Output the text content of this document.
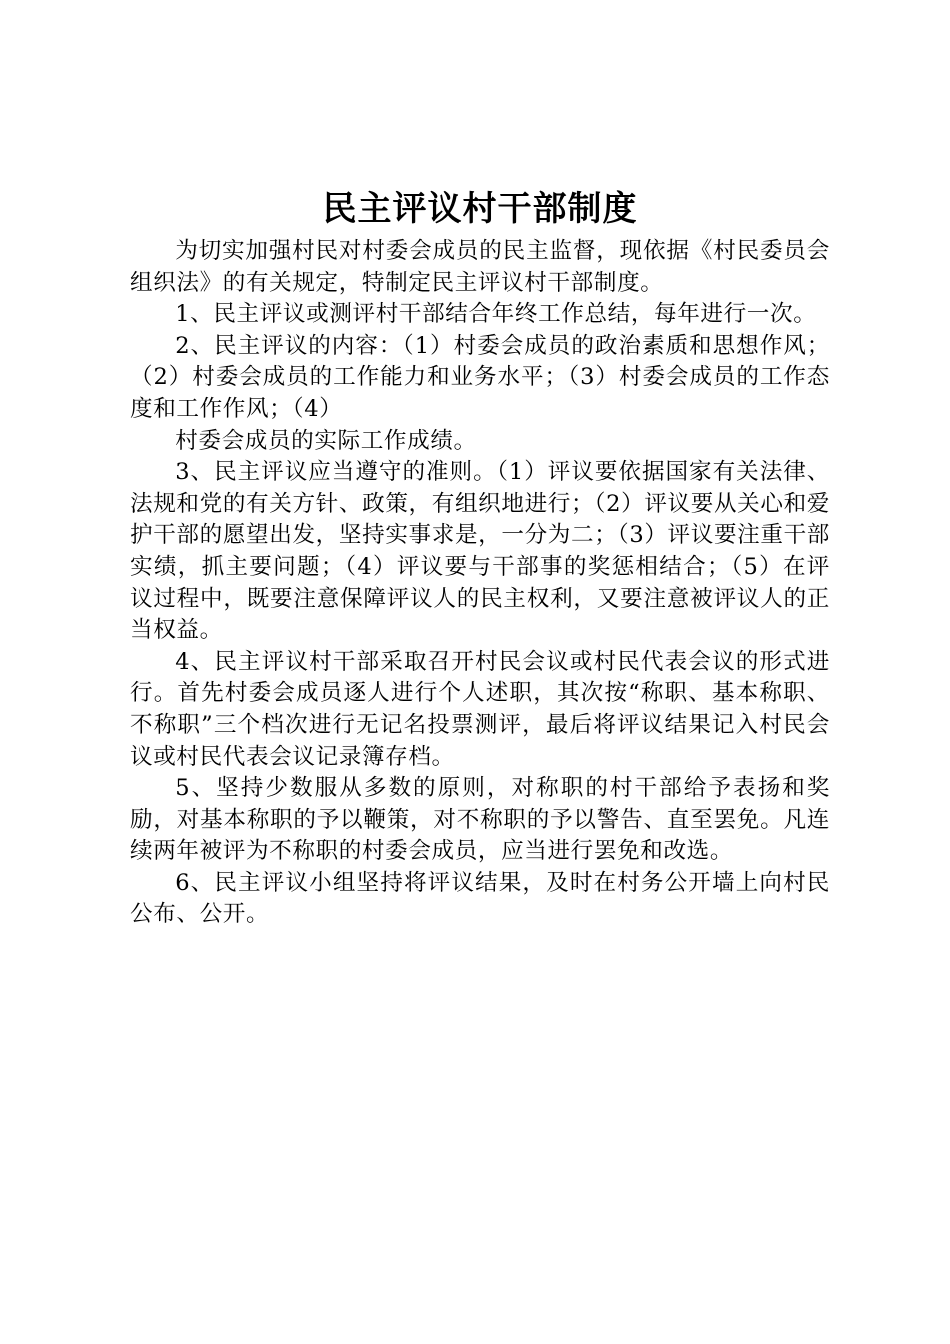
民主评议村干部制度

为切实加强村民对村委会成员的民主监督，现依据《村民委员会组织法》的有关规定，特制定民主评议村干部制度。

1、民主评议或测评村干部结合年终工作总结，每年进行一次。

2、民主评议的内容：（1）村委会成员的政治素质和思想作风；（2）村委会成员的工作能力和业务水平；（3）村委会成员的工作态度和工作作风；（4）

村委会成员的实际工作成绩。

3、民主评议应当遵守的准则。（1）评议要依据国家有关法律、法规和党的有关方针、政策，有组织地进行；（2）评议要从关心和爱护干部的愿望出发，坚持实事求是，一分为二；（3）评议要注重干部实绩，抓主要问题；（4）评议要与干部事的奖惩相结合；（5）在评议过程中，既要注意保障评议人的民主权利，又要注意被评议人的正当权益。

4、民主评议村干部采取召开村民会议或村民代表会议的形式进行。首先村委会成员逐人进行个人述职，其次按“称职、基本称职、不称职”三个档次进行无记名投票测评，最后将评议结果记入村民会议或村民代表会议记录簿存档。

5、坚持少数服从多数的原则，对称职的村干部给予表扬和奖励，对基本称职的予以鞭策，对不称职的予以警告、直至罢免。凡连续两年被评为不称职的村委会成员，应当进行罢免和改选。

6、民主评议小组坚持将评议结果，及时在村务公开墙上向村民公布、公开。
